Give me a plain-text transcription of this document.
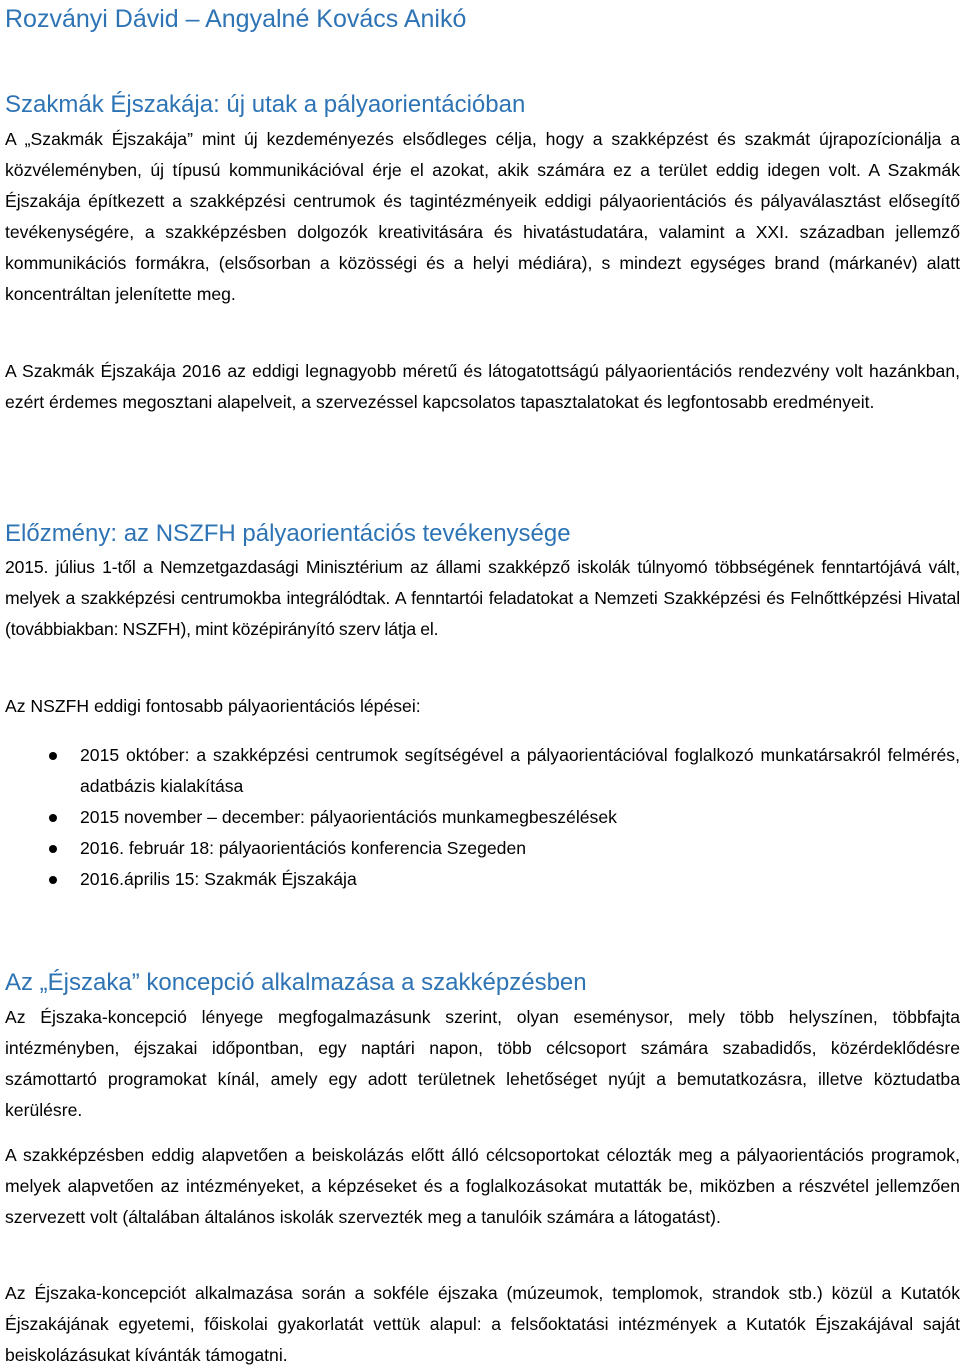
Rozványi Dávid – Angyalné Kovács Anikó
Szakmák Éjszakája: új utak a pályaorientációban

A „Szakmák Éjszakája” mint új kezdeményezés elsődleges célja, hogy a szakképzést és szakmát újrapozícionálja a közvéleményben, új típusú kommunikációval érje el azokat, akik számára ez a terület eddig idegen volt. A Szakmák Éjszakája építkezett a szakképzési centrumok és tagintézményeik eddigi pályaorientációs és pályaválasztást elősegítő tevékenységére, a szakképzésben dolgozók kreativitására és hivatástudatára, valamint a XXI. században jellemző kommunikációs formákra, (elsősorban a közösségi és a helyi médiára), s mindezt egységes brand (márkanév) alatt koncentráltan jelenítette meg.

A Szakmák Éjszakája 2016 az eddigi legnagyobb méretű és látogatottságú pályaorientációs rendezvény volt hazánkban, ezért érdemes megosztani alapelveit, a szervezéssel kapcsolatos tapasztalatokat és legfontosabb eredményeit.

Előzmény: az NSZFH pályaorientációs tevékenysége

2015. július 1-től a Nemzetgazdasági Minisztérium az állami szakképző iskolák túlnyomó többségének fenntartójává vált, melyek a szakképzési centrumokba integrálódtak. A fenntartói feladatokat a Nemzeti Szakképzési és Felnőttképzési Hivatal (továbbiakban: NSZFH), mint középirányító szerv látja el.

Az NSZFH eddigi fontosabb pályaorientációs lépései:

2015 október: a szakképzési centrumok segítségével a pályaorientációval foglalkozó munkatársakról felmérés, adatbázis kialakítása
2015 november – december: pályaorientációs munkamegbeszélések
2016. február 18: pályaorientációs konferencia Szegeden
2016.április 15: Szakmák Éjszakája
Az „Éjszaka” koncepció alkalmazása a szakképzésben

Az Éjszaka-koncepció lényege megfogalmazásunk szerint, olyan eseménysor, mely több helyszínen, többfajta intézményben, éjszakai időpontban, egy naptári napon, több célcsoport számára szabadidős, közérdeklődésre számottartó programokat kínál, amely egy adott területnek lehetőséget nyújt a bemutatkozásra, illetve köztudatba kerülésre.

A szakképzésben eddig alapvetően a beiskolázás előtt álló célcsoportokat célozták meg a pályaorientációs programok, melyek alapvetően az intézményeket, a képzéseket és a foglalkozásokat mutatták be, miközben a részvétel jellemzően szervezett volt (általában általános iskolák szervezték meg a tanulóik számára a látogatást).

Az Éjszaka-koncepciót alkalmazása során a sokféle éjszaka (múzeumok, templomok, strandok stb.) közül a Kutatók Éjszakájának egyetemi, főiskolai gyakorlatát vettük alapul: a felsőoktatási intézmények a Kutatók Éjszakájával saját beiskolázásukat kívánták támogatni.
